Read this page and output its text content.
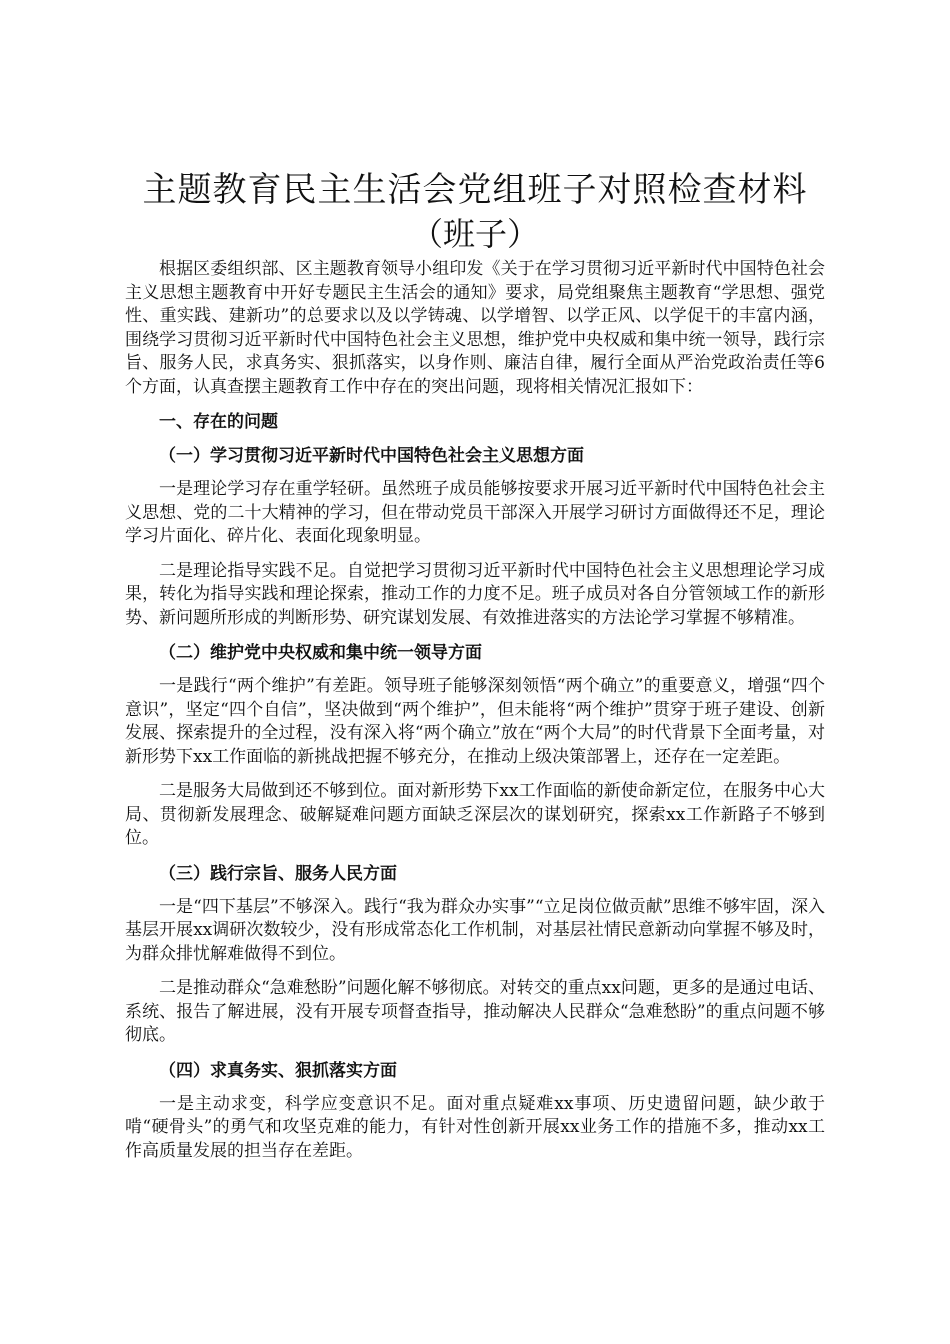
主题教育民主生活会党组班子对照检查材料
（班子）

根据区委组织部、区主题教育领导小组印发《关于在学习贯彻习近平新时代中国特色社会主义思想主题教育中开好专题民主生活会的通知》要求，局党组聚焦主题教育“学思想、强党性、重实践、建新功”的总要求以及以学铸魂、以学增智、以学正风、以学促干的丰富内涵，围绕学习贯彻习近平新时代中国特色社会主义思想，维护党中央权威和集中统一领导，践行宗旨、服务人民，求真务实、狠抓落实，以身作则、廉洁自律，履行全面从严治党政治责任等6个方面，认真查摆主题教育工作中存在的突出问题，现将相关情况汇报如下：

一、存在的问题
（一）学习贯彻习近平新时代中国特色社会主义思想方面

一是理论学习存在重学轻研。虽然班子成员能够按要求开展习近平新时代中国特色社会主义思想、党的二十大精神的学习，但在带动党员干部深入开展学习研讨方面做得还不足，理论学习片面化、碎片化、表面化现象明显。

二是理论指导实践不足。自觉把学习贯彻习近平新时代中国特色社会主义思想理论学习成果，转化为指导实践和理论探索，推动工作的力度不足。班子成员对各自分管领域工作的新形势、新问题所形成的判断形势、研究谋划发展、有效推进落实的方法论学习掌握不够精准。

（二）维护党中央权威和集中统一领导方面

一是践行“两个维护”有差距。领导班子能够深刻领悟“两个确立”的重要意义，增强“四个意识”，坚定“四个自信”，坚决做到“两个维护”，但未能将“两个维护”贯穿于班子建设、创新发展、探索提升的全过程，没有深入将“两个确立”放在“两个大局”的时代背景下全面考量，对新形势下xx工作面临的新挑战把握不够充分，在推动上级决策部署上，还存在一定差距。

二是服务大局做到还不够到位。面对新形势下xx工作面临的新使命新定位，在服务中心大局、贯彻新发展理念、破解疑难问题方面缺乏深层次的谋划研究，探索xx工作新路子不够到位。

（三）践行宗旨、服务人民方面

一是“四下基层”不够深入。践行“我为群众办实事”“立足岗位做贡献”思维不够牢固，深入基层开展xx调研次数较少，没有形成常态化工作机制，对基层社情民意新动向掌握不够及时，为群众排忧解难做得不到位。

二是推动群众“急难愁盼”问题化解不够彻底。对转交的重点xx问题，更多的是通过电话、系统、报告了解进展，没有开展专项督查指导，推动解决人民群众“急难愁盼”的重点问题不够彻底。

（四）求真务实、狠抓落实方面

一是主动求变，科学应变意识不足。面对重点疑难xx事项、历史遗留问题，缺少敢于啃“硬骨头”的勇气和攻坚克难的能力，有针对性创新开展xx业务工作的措施不多，推动xx工作高质量发展的担当存在差距。
